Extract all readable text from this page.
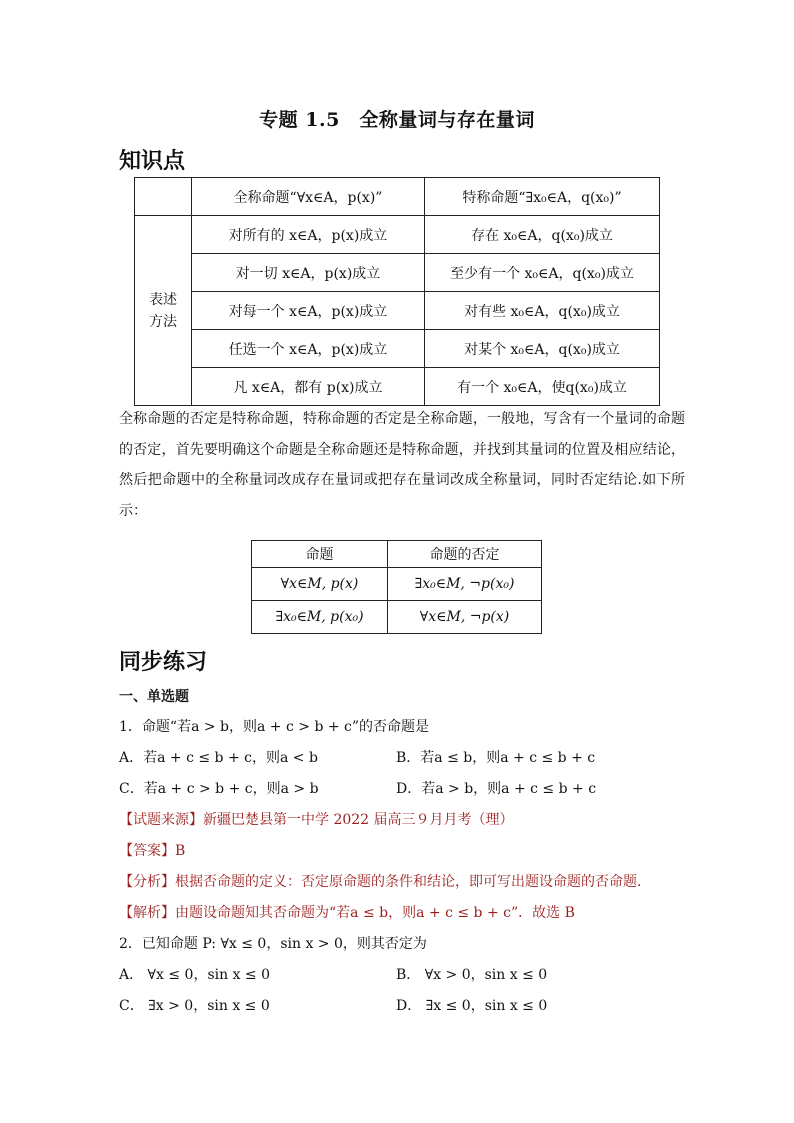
专题 1.5　全称量词与存在量词
知识点
	全称命题“∀x∈A，p(x)”	特称命题“∃x₀∈A，q(x₀)”
表述方法	对所有的 x∈A，p(x)成立	存在 x₀∈A，q(x₀)成立
	对一切 x∈A，p(x)成立	至少有一个 x₀∈A，q(x₀)成立
	对每一个 x∈A，p(x)成立	对有些 x₀∈A，q(x₀)成立
	任选一个 x∈A，p(x)成立	对某个 x₀∈A，q(x₀)成立
	凡 x∈A，都有 p(x)成立	有一个 x₀∈A，使q(x₀)成立
全称命题的否定是特称命题，特称命题的否定是全称命题，一般地，写含有一个量词的命题的否定，首先要明确这个命题是全称命题还是特称命题，并找到其量词的位置及相应结论，然后把命题中的全称量词改成存在量词或把存在量词改成全称量词，同时否定结论.如下所示：
命题	命题的否定
∀x∈M, p(x)	∃x₀∈M, ¬p(x₀)
∃x₀∈M, p(x₀)	∀x∈M, ¬p(x)
同步练习
一、单选题
1．命题“若a > b，则a + c > b + c”的否命题是
A．若a + c ≤ b + c，则a < b	B．若a ≤ b，则a + c ≤ b + c
C．若a + c > b + c，则a > b	D．若a > b，则a + c ≤ b + c
【试题来源】新疆巴楚县第一中学 2022 届高三９月月考（理）
【答案】B
【分析】根据否命题的定义：否定原命题的条件和结论，即可写出题设命题的否命题．
【解析】由题设命题知其否命题为“若a ≤ b，则a + c ≤ b + c”．故选 B
2．已知命题 P: ∀x ≤ 0，sin x > 0，则其否定为
A． ∀x ≤ 0，sin x ≤ 0	B． ∀x > 0，sin x ≤ 0
C． ∃x > 0，sin x ≤ 0	D． ∃x ≤ 0，sin x ≤ 0
